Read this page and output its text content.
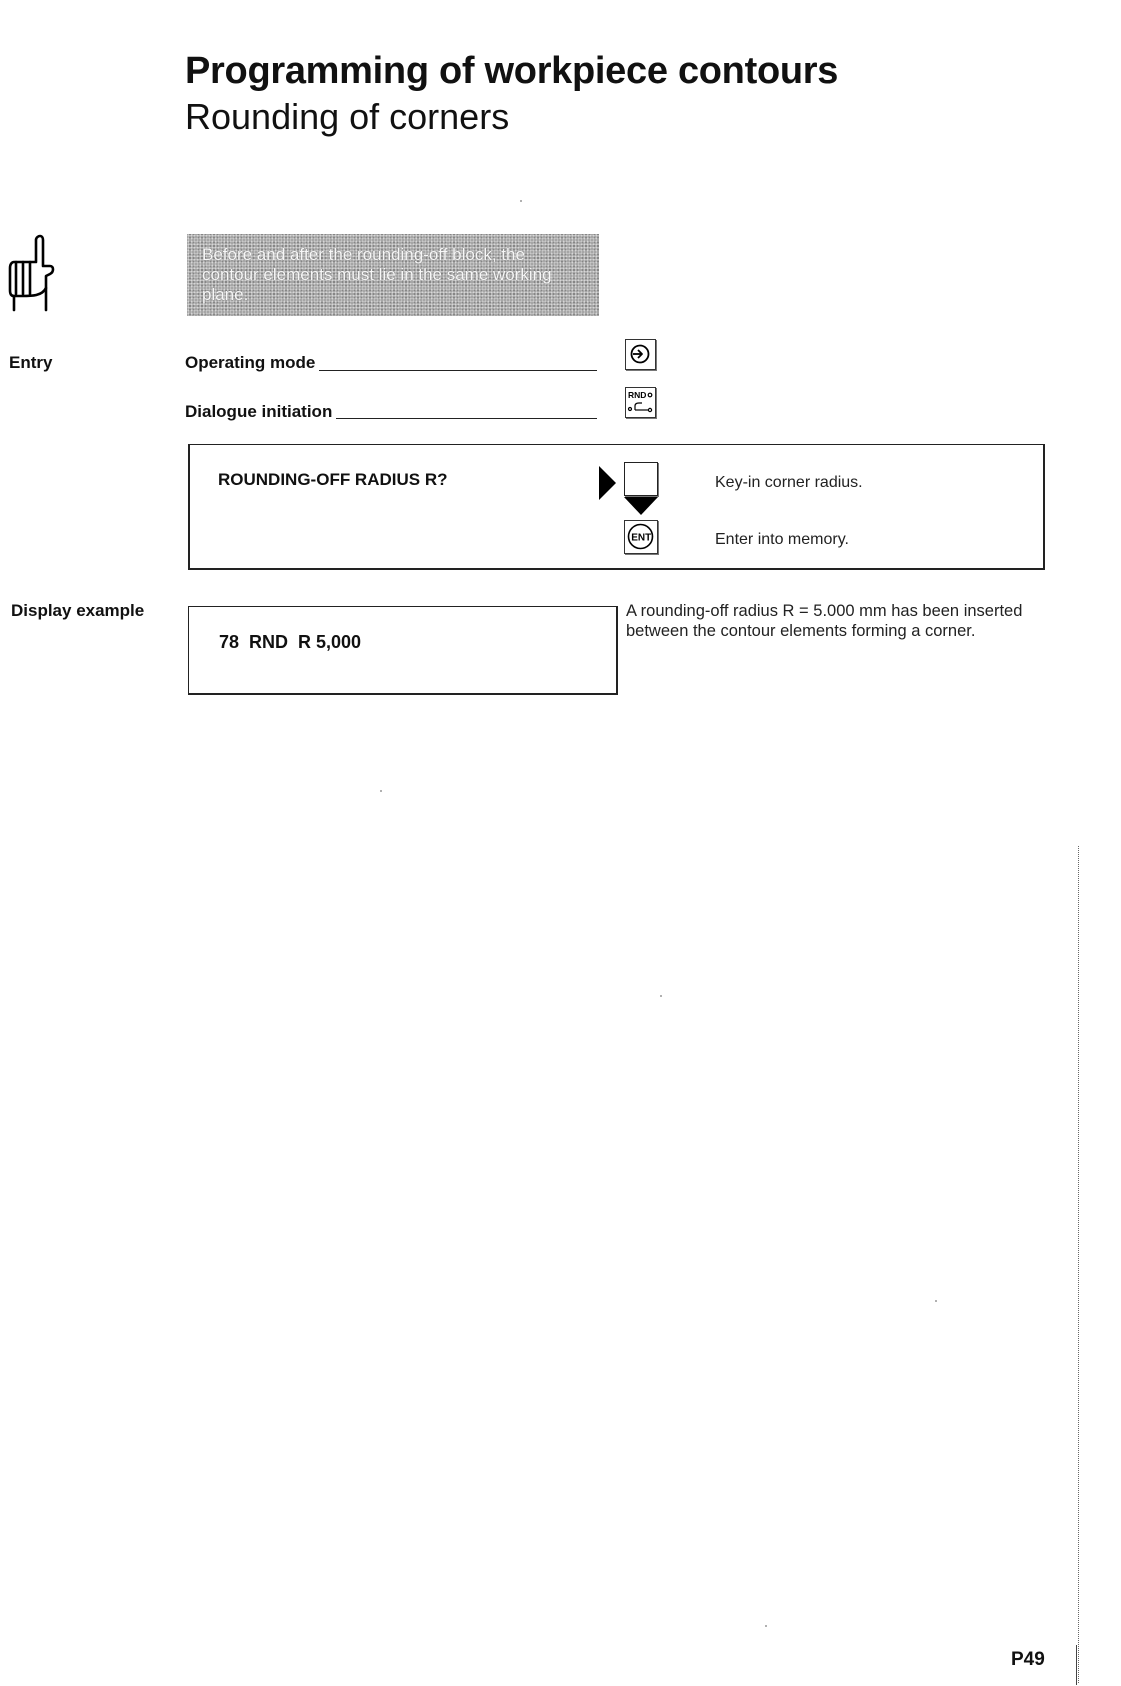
Programming of workpiece contours
Rounding of corners
Before and after the rounding-off block, the contour elements must lie in the same working plane.
Entry	Operating mode
Dialogue initiation
RND
ROUNDING-OFF RADIUS R?
ENT
Key-in corner radius.
Enter into memory.
Display example
78  RND  R 5,000
A rounding-off radius R = 5.000 mm has been inserted between the contour elements forming a corner.
P49
